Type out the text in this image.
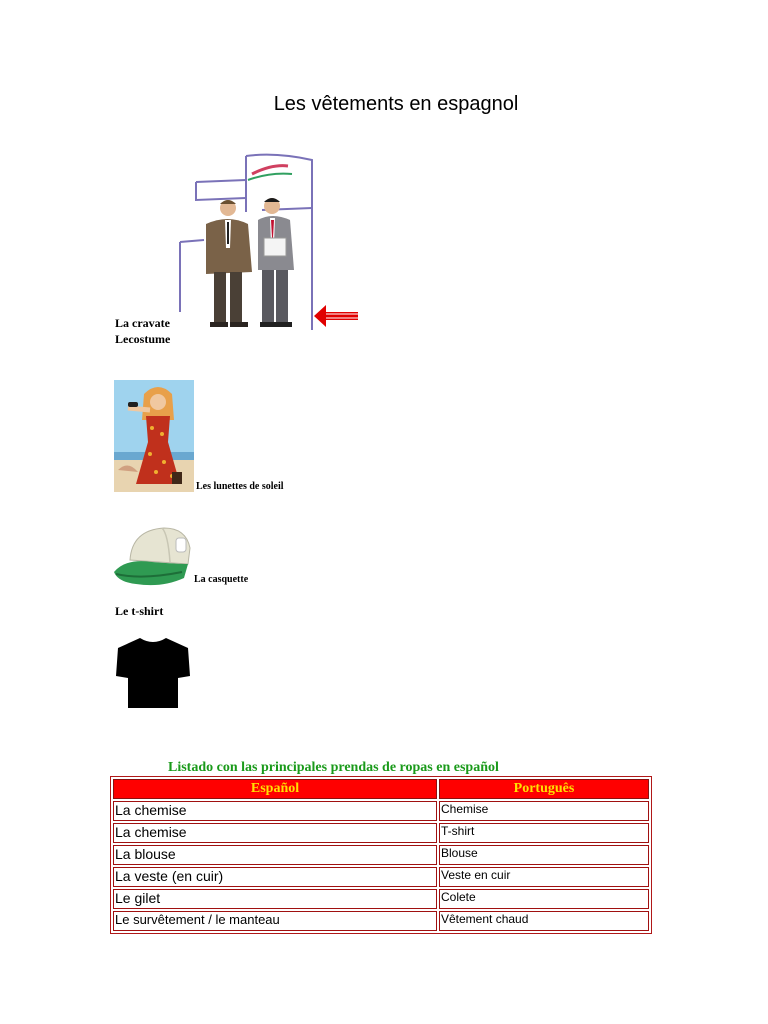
Les vêtements en espagnol
La cravate
Lecostume
Les lunettes de soleil
La casquette
Le t-shirt
Listado con las principales prendas de ropas en español
Español	Português
La chemise	Chemise
La chemise	T-shirt
La blouse	Blouse
La veste (en cuir)	Veste en cuir
Le gilet	Colete
Le survêtement / le manteau	Vêtement chaud
